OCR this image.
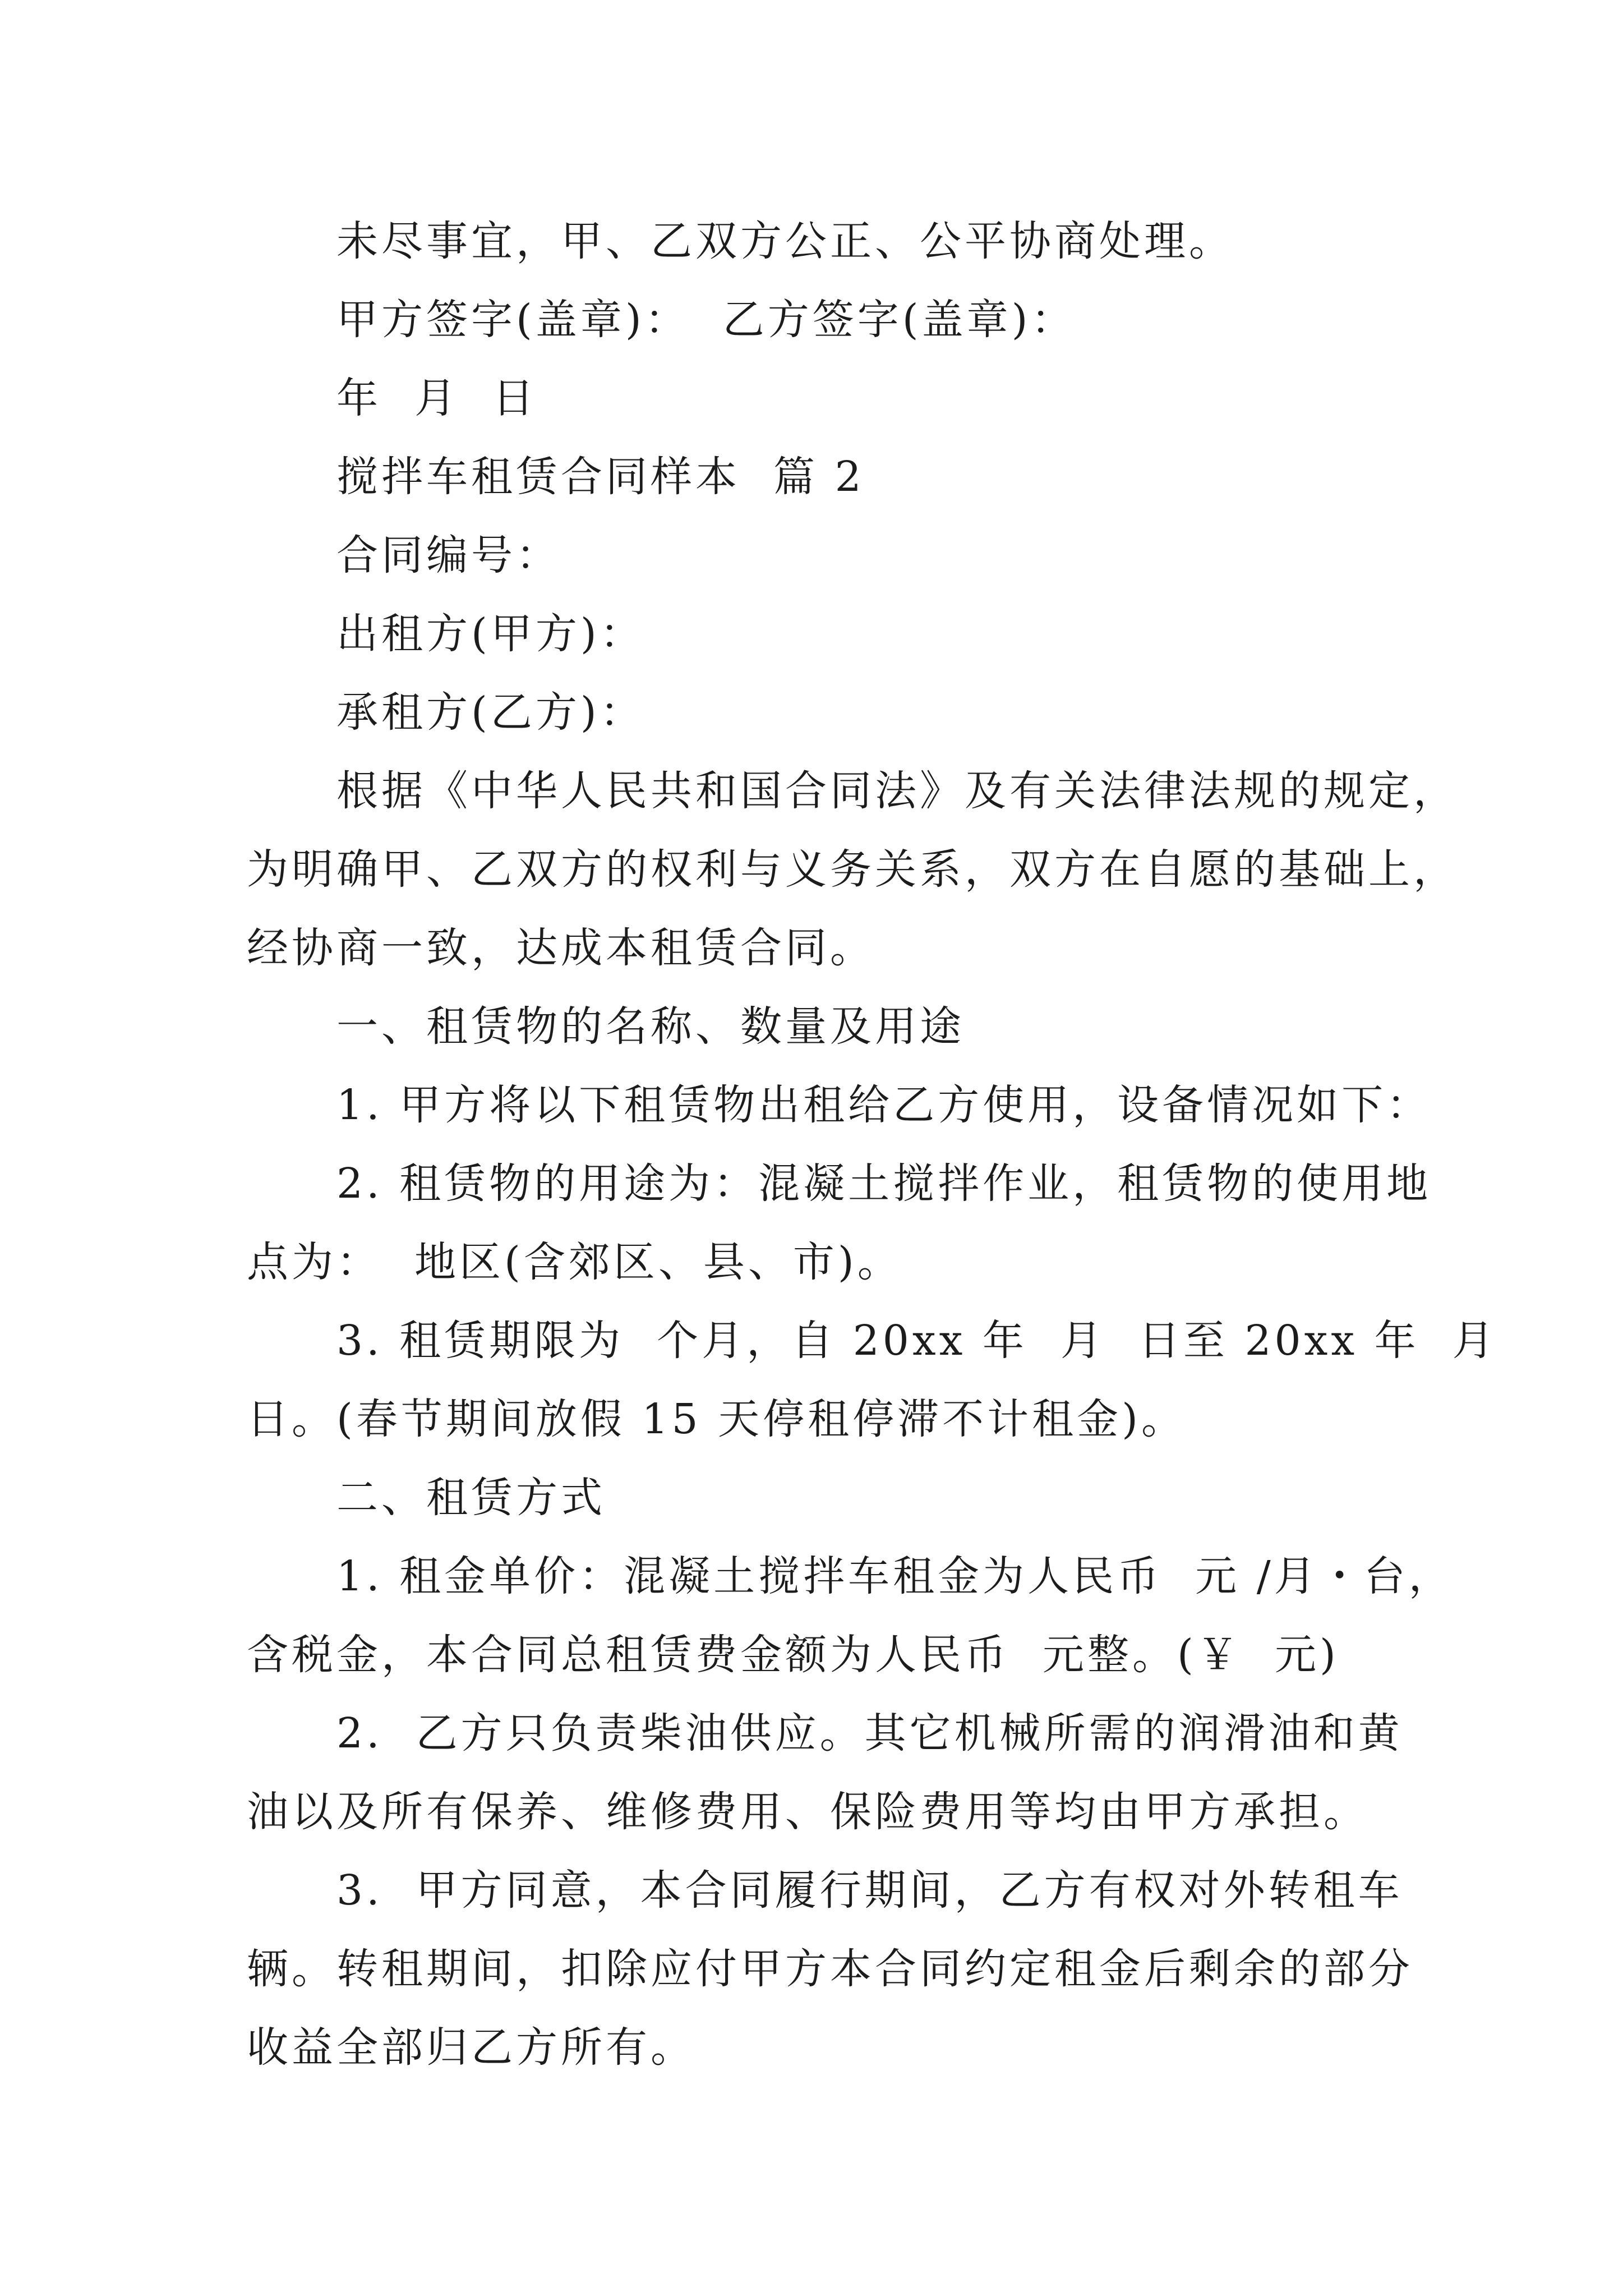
未尽事宜，甲、乙双方公正、公平协商处理。
甲方签字(盖章)：  乙方签字(盖章)：
年  月  日
搅拌车租赁合同样本  篇 2
合同编号：
出租方(甲方)：
承租方(乙方)：
根据《中华人民共和国合同法》及有关法律法规的规定，
为明确甲、乙双方的权利与义务关系，双方在自愿的基础上，
经协商一致，达成本租赁合同。
一、租赁物的名称、数量及用途
1. 甲方将以下租赁物出租给乙方使用，设备情况如下：
2. 租赁物的用途为：混凝土搅拌作业，租赁物的使用地
点为：  地区(含郊区、县、市)。
3. 租赁期限为  个月，自 20xx 年  月  日至 20xx 年  月
日。(春节期间放假 15 天停租停滞不计租金)。
二、租赁方式
1. 租金单价：混凝土搅拌车租金为人民币  元 /月・台，
含税金，本合同总租赁费金额为人民币  元整。(￥  元)
2.  乙方只负责柴油供应。其它机械所需的润滑油和黄
油以及所有保养、维修费用、保险费用等均由甲方承担。
3.  甲方同意，本合同履行期间，乙方有权对外转租车
辆。转租期间，扣除应付甲方本合同约定租金后剩余的部分
收益全部归乙方所有。
